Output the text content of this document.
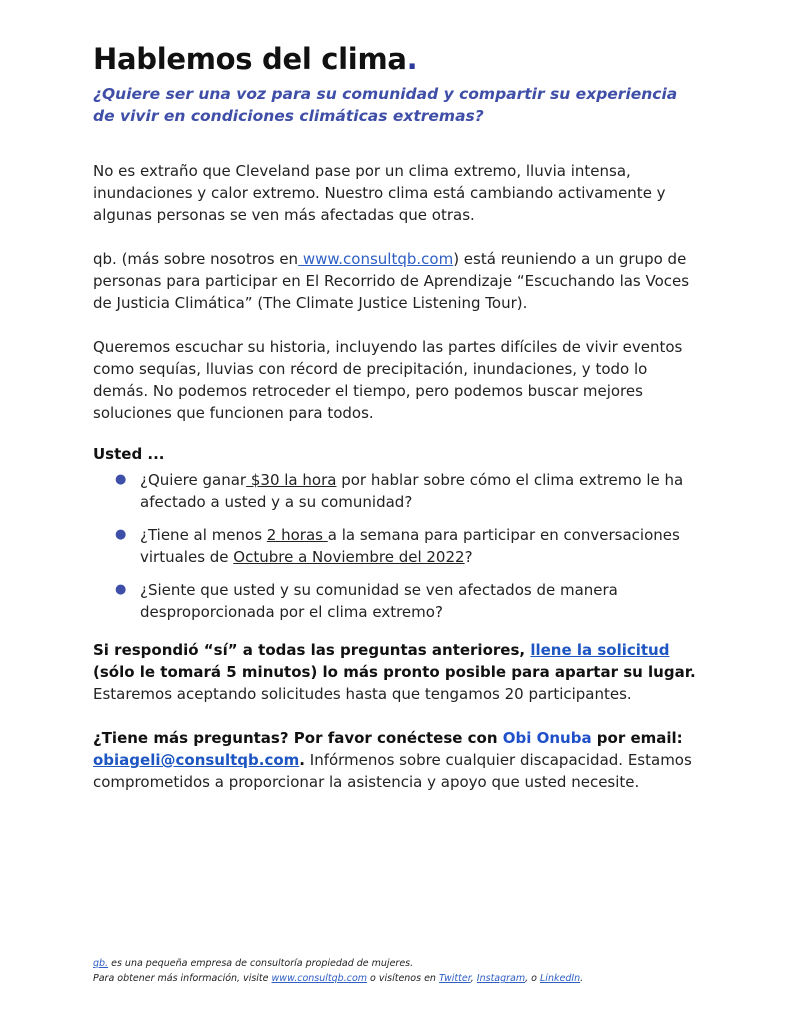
Hablemos del clima.

¿Quiere ser una voz para su comunidad y compartir su experiencia de vivir en condiciones climáticas extremas?

No es extraño que Cleveland pase por un clima extremo, lluvia intensa, inundaciones y calor extremo. Nuestro clima está cambiando activamente y algunas personas se ven más afectadas que otras.

qb. (más sobre nosotros en www.consultqb.com) está reuniendo a un grupo de personas para participar en El Recorrido de Aprendizaje “Escuchando las Voces de Justicia Climática” (The Climate Justice Listening Tour).

Queremos escuchar su historia, incluyendo las partes difíciles de vivir eventos como sequías, lluvias con récord de precipitación, inundaciones, y todo lo demás. No podemos retroceder el tiempo, pero podemos buscar mejores soluciones que funcionen para todos.

Usted ...

● ¿Quiere ganar $30 la hora por hablar sobre cómo el clima extremo le ha afectado a usted y a su comunidad?
● ¿Tiene al menos 2 horas a la semana para participar en conversaciones virtuales de Octubre a Noviembre del 2022?
● ¿Siente que usted y su comunidad se ven afectados de manera desproporcionada por el clima extremo?

Si respondió “sí” a todas las preguntas anteriores, llene la solicitud (sólo le tomará 5 minutos) lo más pronto posible para apartar su lugar. Estaremos aceptando solicitudes hasta que tengamos 20 participantes.

¿Tiene más preguntas? Por favor conéctese con Obi Onuba por email: obiageli@consultqb.com. Infórmenos sobre cualquier discapacidad. Estamos comprometidos a proporcionar la asistencia y apoyo que usted necesite.

qb. es una pequeña empresa de consultoría propiedad de mujeres.
Para obtener más información, visite www.consultqb.com o visítenos en Twitter, Instagram, o LinkedIn.
